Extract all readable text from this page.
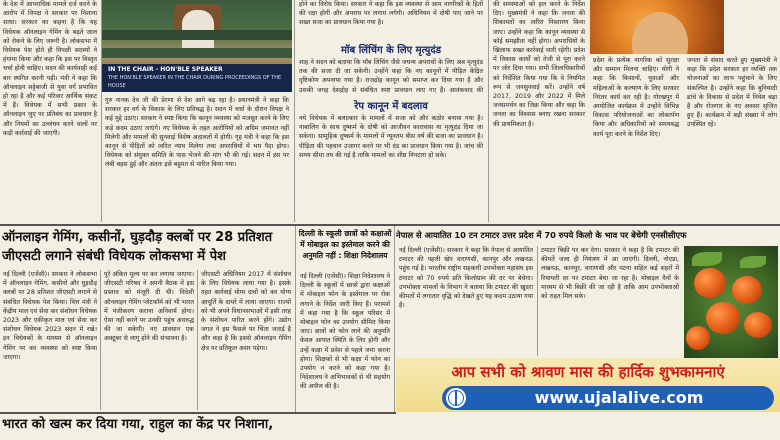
के देश में आपराधिक मामले दर्ज करने के आरोप में विपक्ष ने सरकार पर निशाना साधा। सरकार का कहना है कि यह विधेयक ऑनलाइन गेमिंग के बढ़ते जाल को रोकने के लिए जरूरी है। लोकसभा में विधेयक पेश होते ही विपक्षी सदस्यों ने हंगामा किया और कहा कि इस पर विस्तृत चर्चा होनी चाहिए। सदन की कार्यवाही कई बार स्थगित करनी पड़ी। मंत्री ने कहा कि ऑनलाइन सट्टेबाजी से युवा वर्ग प्रभावित हो रहा है और कई परिवार आर्थिक संकट में हैं। विधेयक में सभी प्रकार के ऑनलाइन जुए पर प्रतिबंध का प्रावधान है और नियमों का उल्लंघन करने वालों पर कड़ी कार्रवाई की जाएगी।
IN THE CHAIR - HON'BLE SPEAKER
THE HON'BLE SPEAKER IN THE CHAIR DURING PROCEEDINGS OF THE HOUSE
गुरु नानक देव जी की प्रेरणा से देश आगे बढ़ रहा है। प्रधानमंत्री ने कहा कि सरकार हर वर्ग के विकास के लिए प्रतिबद्ध है। सदन में चर्चा के दौरान विपक्ष ने कई मुद्दे उठाए। सरकार ने स्पष्ट किया कि कानून व्यवस्था को मजबूत करने के लिए कड़े कदम उठाए जाएंगे। नए विधेयक के तहत आरोपियों को अग्रिम जमानत नहीं मिलेगी और मामलों की सुनवाई विशेष अदालतों में होगी। गृह मंत्री ने कहा कि इस कानून से पीड़ितों को त्वरित न्याय मिलेगा तथा अपराधियों में भय पैदा होगा। विधेयक को संयुक्त समिति के पास भेजने की मांग भी की गई। सदन में इस पर लंबी बहस हुई और अंततः इसे बहुमत से पारित किया गया।
होने का विरोध किया। सरकार ने कहा कि इस व्यवस्था से आम नागरिकों के हितों की रक्षा होगी और अपराध पर लगाम लगेगी। अधिनियम में दोषी पाए जाने पर सख्त सजा का प्रावधान किया गया है।
मॉब लिंचिंग के लिए मृत्युदंड
शाह ने सदन को बताया कि मॉब लिंचिंग जैसे जघन्य अपराधों के लिए अब मृत्युदंड तक की सजा दी जा सकेगी। उन्होंने कहा कि नए कानूनों में पीड़ित केंद्रित दृष्टिकोण अपनाया गया है। राजद्रोह कानून को समाप्त कर दिया गया है और उसकी जगह देशद्रोह से संबंधित स्पष्ट प्रावधान लाए गए हैं। आतंकवाद की
रेप कानून में बदलाव
नये विधेयक में बलात्कार के मामलों में सजा को और कठोर बनाया गया है। नाबालिग के साथ दुष्कर्म के दोषी को आजीवन कारावास या मृत्युदंड दिया जा सकेगा। सामूहिक दुष्कर्म के मामलों में न्यूनतम बीस वर्ष की सजा का प्रावधान है। पीड़िता की पहचान उजागर करने पर भी दंड का प्रावधान किया गया है। जांच की समय सीमा तय की गई है ताकि मामलों का शीघ्र निपटारा हो सके।
की समस्याओं को हल करने के निर्देश दिए। मुख्यमंत्री ने कहा कि जनता की शिकायतों का त्वरित निस्तारण किया जाए। उन्होंने कहा कि कानून व्यवस्था से कोई समझौता नहीं होगा। अपराधियों के खिलाफ सख्त कार्रवाई जारी रहेगी। प्रदेश में विकास कार्यों को तेजी से पूरा करने पर जोर दिया गया। सभी जिलाधिकारियों को निर्देशित किया गया कि वे नियमित रूप से जनसुनवाई करें। उन्होंने वर्ष 2017, 2019 और 2022 में मिले जनसमर्थन का जिक्र किया और कहा कि जनता का विश्वास बनाए रखना सरकार की प्राथमिकता है।
प्रदेश के प्रत्येक नागरिक को सुरक्षा और सम्मान मिलना चाहिए। योगी ने कहा कि किसानों, युवाओं और महिलाओं के कल्याण के लिए सरकार निरंतर कार्य कर रही है। गोरखपुर में आयोजित कार्यक्रम में उन्होंने विभिन्न विकास परियोजनाओं का लोकार्पण किया और अधिकारियों को समयबद्ध कार्य पूरा करने के निर्देश दिए।
जनता से संवाद करते हुए मुख्यमंत्री ने कहा कि प्रदेश सरकार हर व्यक्ति तक योजनाओं का लाभ पहुंचाने के लिए संकल्पित है। उन्होंने कहा कि बुनियादी ढांचे के विकास से प्रदेश में निवेश बढ़ा है और रोजगार के नए अवसर सृजित हुए हैं। कार्यक्रम में बड़ी संख्या में लोग उपस्थित रहे।
ऑनलाइन गेमिंग, कसीनों, घुड़दौड़ क्लबों पर 28 प्रतिशत जीएसटी लगाने संबंधी विधेयक लोकसभा में पेश
नई दिल्ली (एजेंसी)। सरकार ने लोकसभा में ऑनलाइन गेमिंग, कसीनो और घुड़दौड़ क्लबों पर 28 प्रतिशत जीएसटी लगाने से संबंधित विधेयक पेश किया। वित्त मंत्री ने केंद्रीय माल एवं सेवा कर संशोधन विधेयक 2023 और एकीकृत माल एवं सेवा कर संशोधन विधेयक 2023 सदन में रखे। इन विधेयकों के माध्यम से ऑनलाइन गेमिंग पर कर व्यवस्था को स्पष्ट किया जाएगा।
पूरे अंकित मूल्य पर कर लगाया जाएगा। जीएसटी परिषद ने अपनी बैठक में इस प्रस्ताव को मंजूरी दी थी। विदेशी ऑनलाइन गेमिंग प्लेटफॉर्म को भी भारत में पंजीकरण कराना अनिवार्य होगा। ऐसा नहीं करने पर उनकी पहुंच अवरुद्ध की जा सकेगी। नए प्रावधान एक अक्टूबर से लागू होने की संभावना है।
जीएसटी अधिनियम 2017 में संशोधन के लिए विधेयक लाया गया है। इसके तहत कार्रवाई योग्य दावों को कर योग्य आपूर्ति के दायरे में लाया जाएगा। राज्यों को भी अपने विधानसभाओं में इसी तरह के संशोधन पारित करने होंगे। उद्योग जगत ने इस फैसले पर चिंता जताई है और कहा है कि इससे ऑनलाइन गेमिंग क्षेत्र पर प्रतिकूल असर पड़ेगा।
दिल्ली के स्कूली छात्रों को कक्षाओं में मोबाइल का इस्तेमाल करने की अनुमति नहीं : शिक्षा निदेशालय
नई दिल्ली (एजेंसी)। शिक्षा निदेशालय ने दिल्ली के स्कूलों में छात्रों द्वारा कक्षाओं में मोबाइल फोन के इस्तेमाल पर रोक लगाने के निर्देश जारी किए हैं। परामर्श में कहा गया है कि स्कूल परिसर में मोबाइल फोन का उपयोग सीमित किया जाए। छात्रों को फोन लाने की अनुमति केवल आपात स्थिति के लिए होगी और उन्हें कक्षा में प्रवेश से पहले जमा करना होगा। शिक्षकों से भी कक्षा में फोन का उपयोग न करने को कहा गया है। निदेशालय ने अभिभावकों से भी सहयोग की अपील की है।
नेपाल से आयातित 10 टन टमाटर उत्तर प्रदेश में 70 रुपये किलो के भाव पर बेचेगी एनसीसीएफ
नई दिल्ली (एजेंसी)। सरकार ने कहा कि नेपाल से आयातित टमाटर की पहली खेप वाराणसी, कानपुर और लखनऊ पहुंच गई है। भारतीय राष्ट्रीय सहकारी उपभोक्ता महासंघ इस टमाटर को 70 रुपये प्रति किलोग्राम की दर पर बेचेगा। उपभोक्ता मामलों के विभाग ने बताया कि टमाटर की खुदरा कीमतों में लगातार वृद्धि को देखते हुए यह कदम उठाया गया है।
टमाटर बिक्री पर कर देगा। सरकार ने कहा है कि टमाटर की कीमतें जल्द ही नियंत्रण में आ जाएंगी। दिल्ली, नोएडा, लखनऊ, कानपुर, वाराणसी और पटना सहित कई शहरों में रियायती दर पर टमाटर बेचा जा रहा है। मोबाइल वैनों के माध्यम से भी बिक्री की जा रही है ताकि आम उपभोक्ताओं को राहत मिल सके।
आप सभी को श्रावण मास की हार्दिक शुभकामनाएं
www.ujalalive.com
भारत को खत्म कर दिया गया, राहुल का केंद्र पर निशाना,
